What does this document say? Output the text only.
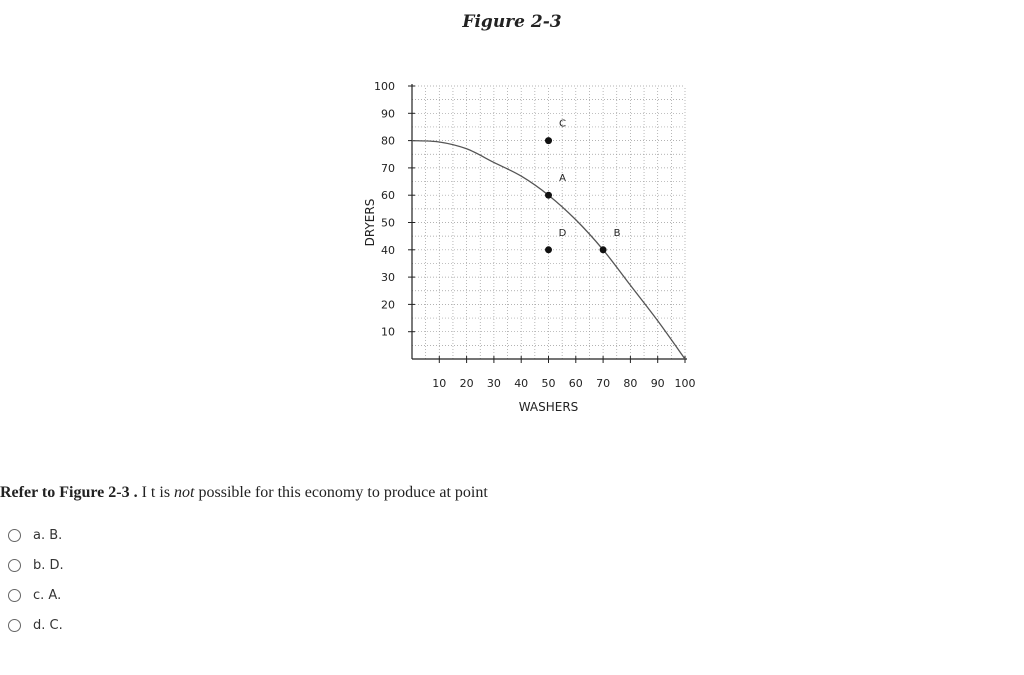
Figure 2-3
10
20
30
40
50
60
70
80
90
100
10 20 30 40 50 60 70 80 90 100
C
A
D	B
WASHERS
DRYERS
Refer to Figure 2-3 . I t is not possible for this economy to produce at point
a. B.
b. D.
c. A.
d. C.
